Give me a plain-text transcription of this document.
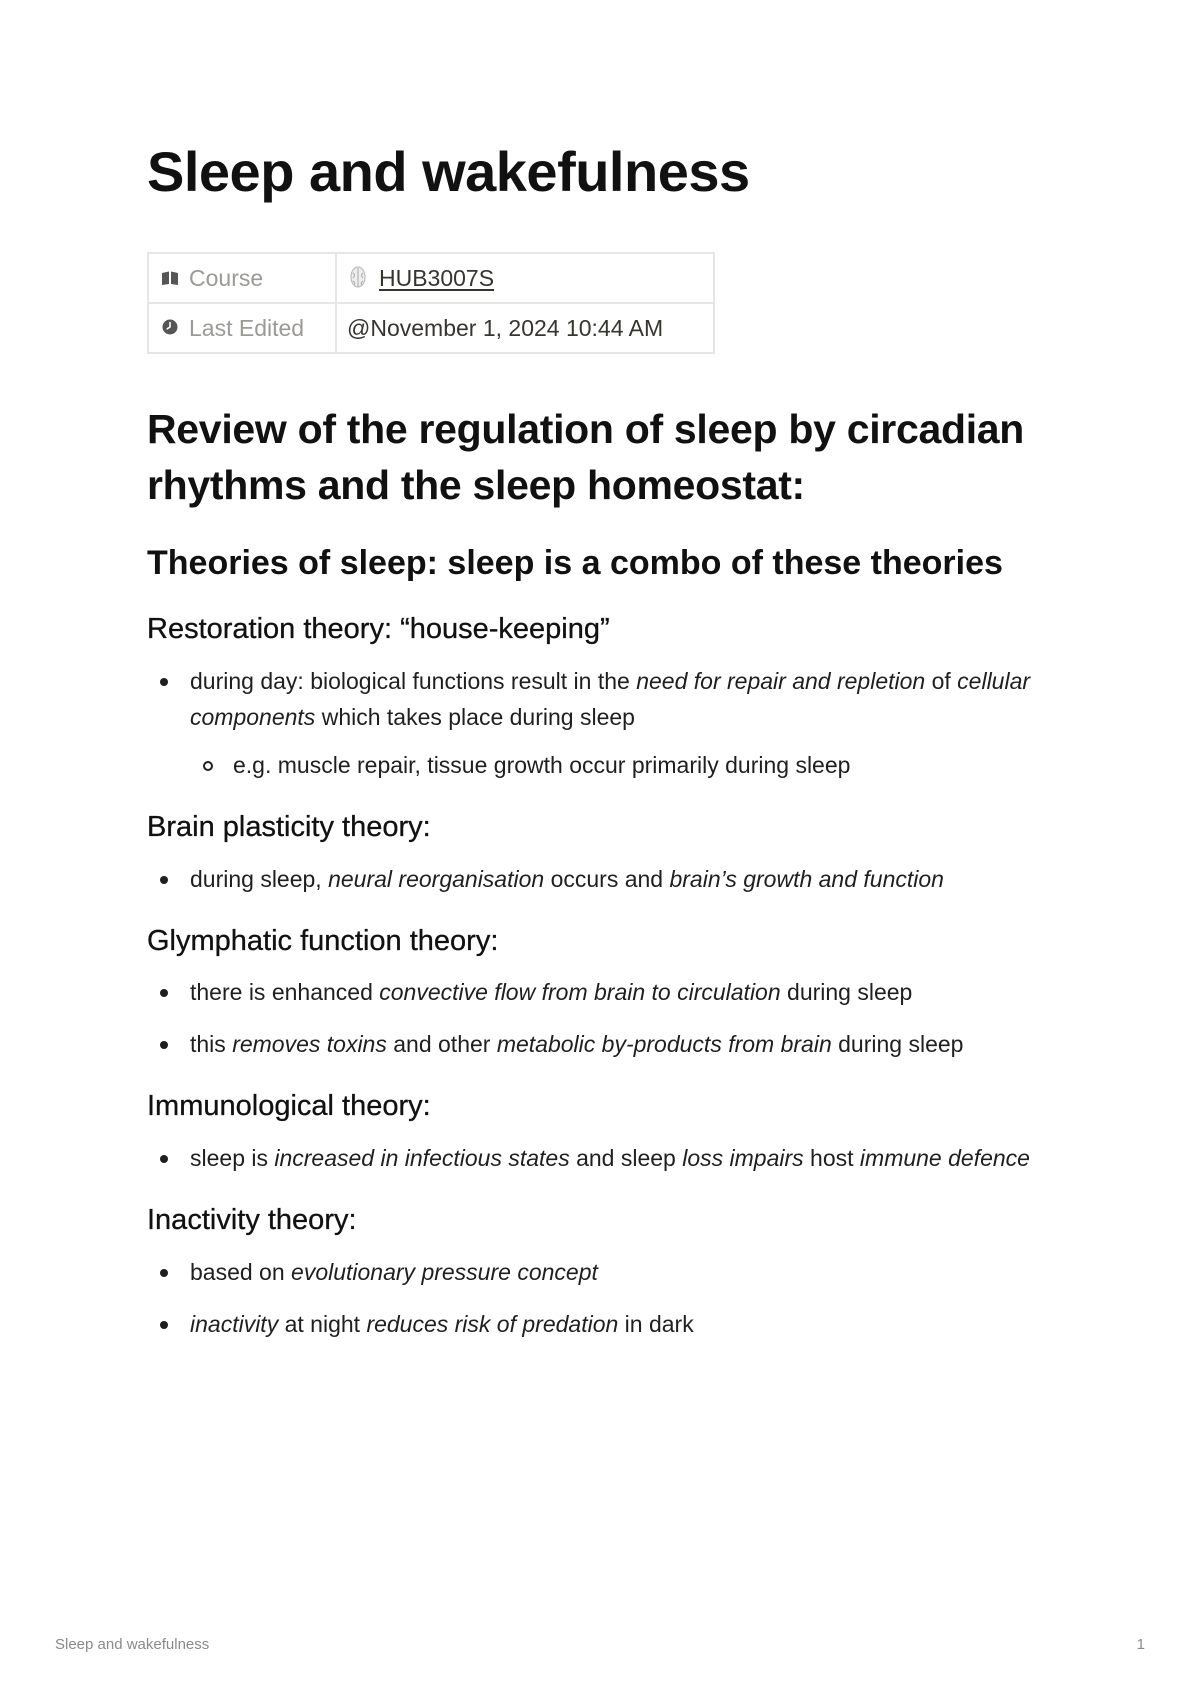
Sleep and wakefulness
Course	HUB3007S
Last Edited	@November 1, 2024 10:44 AM
Review of the regulation of sleep by circadian rhythms and the sleep homeostat:
Theories of sleep: sleep is a combo of these theories
Restoration theory: “house-keeping”
during day: biological functions result in the need for repair and repletion of cellular components which takes place during sleep
e.g. muscle repair, tissue growth occur primarily during sleep
Brain plasticity theory:
during sleep, neural reorganisation occurs and brain’s growth and function
Glymphatic function theory:
there is enhanced convective flow from brain to circulation during sleep
this removes toxins and other metabolic by-products from brain during sleep
Immunological theory:
sleep is increased in infectious states and sleep loss impairs host immune defence
Inactivity theory:
based on evolutionary pressure concept
inactivity at night reduces risk of predation in dark
Sleep and wakefulness	1
